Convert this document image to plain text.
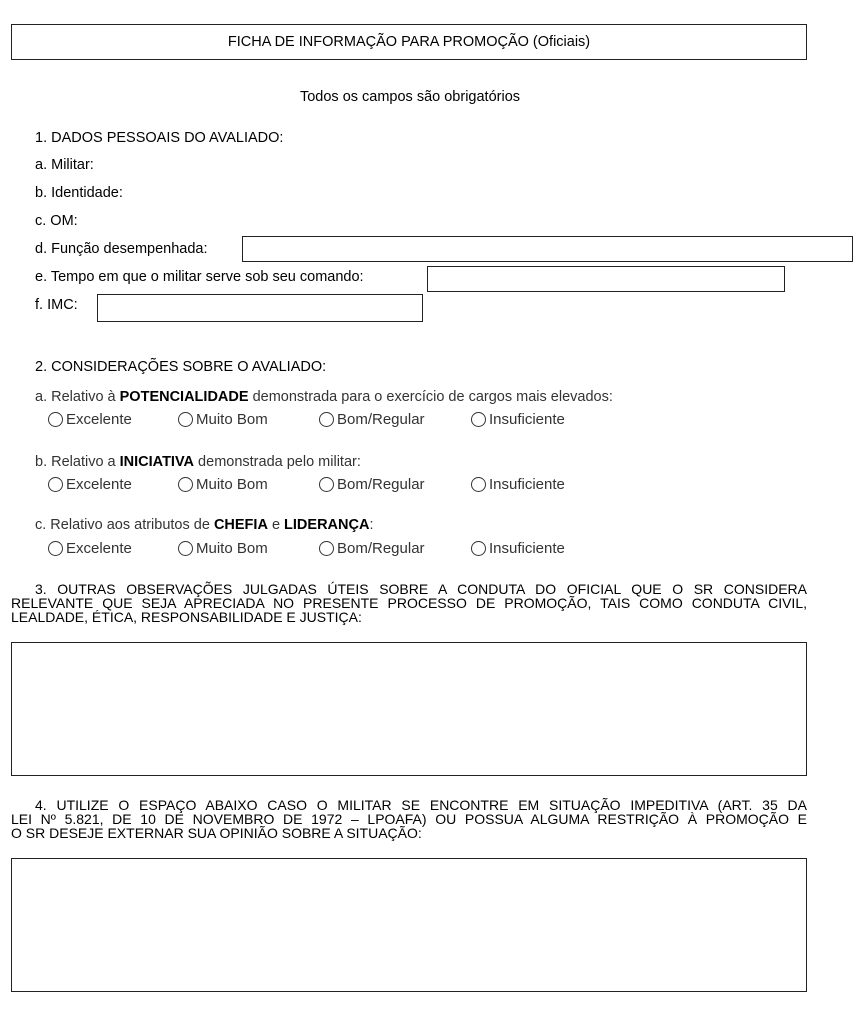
FICHA DE INFORMAÇÃO PARA PROMOÇÃO (Oficiais)
Todos os campos são obrigatórios
1. DADOS PESSOAIS DO AVALIADO:
a. Militar:
b. Identidade:
c. OM:
d. Função desempenhada:
e. Tempo em que o militar serve sob seu comando:
f. IMC:
2. CONSIDERAÇÕES SOBRE O AVALIADO:
a. Relativo à POTENCIALIDADE demonstrada para o exercício de cargos mais elevados:
Excelente	Muito Bom	Bom/Regular	Insuficiente
b. Relativo a INICIATIVA demonstrada pelo militar:
Excelente	Muito Bom	Bom/Regular	Insuficiente
c. Relativo aos atributos de CHEFIA e LIDERANÇA:
Excelente	Muito Bom	Bom/Regular	Insuficiente
3. OUTRAS OBSERVAÇÕES JULGADAS ÚTEIS SOBRE A CONDUTA DO OFICIAL QUE O SR CONSIDERA
RELEVANTE QUE SEJA APRECIADA NO PRESENTE PROCESSO DE PROMOÇÃO, TAIS COMO CONDUTA CIVIL,
LEALDADE, ÉTICA, RESPONSABILIDADE E JUSTIÇA:
4. UTILIZE O ESPAÇO ABAIXO CASO O MILITAR SE ENCONTRE EM SITUAÇÃO IMPEDITIVA (ART. 35 DA
LEI Nº 5.821, DE 10 DE NOVEMBRO DE 1972 – LPOAFA) OU POSSUA ALGUMA RESTRIÇÃO À PROMOÇÃO E
O SR DESEJE EXTERNAR SUA OPINIÃO SOBRE A SITUAÇÃO:
